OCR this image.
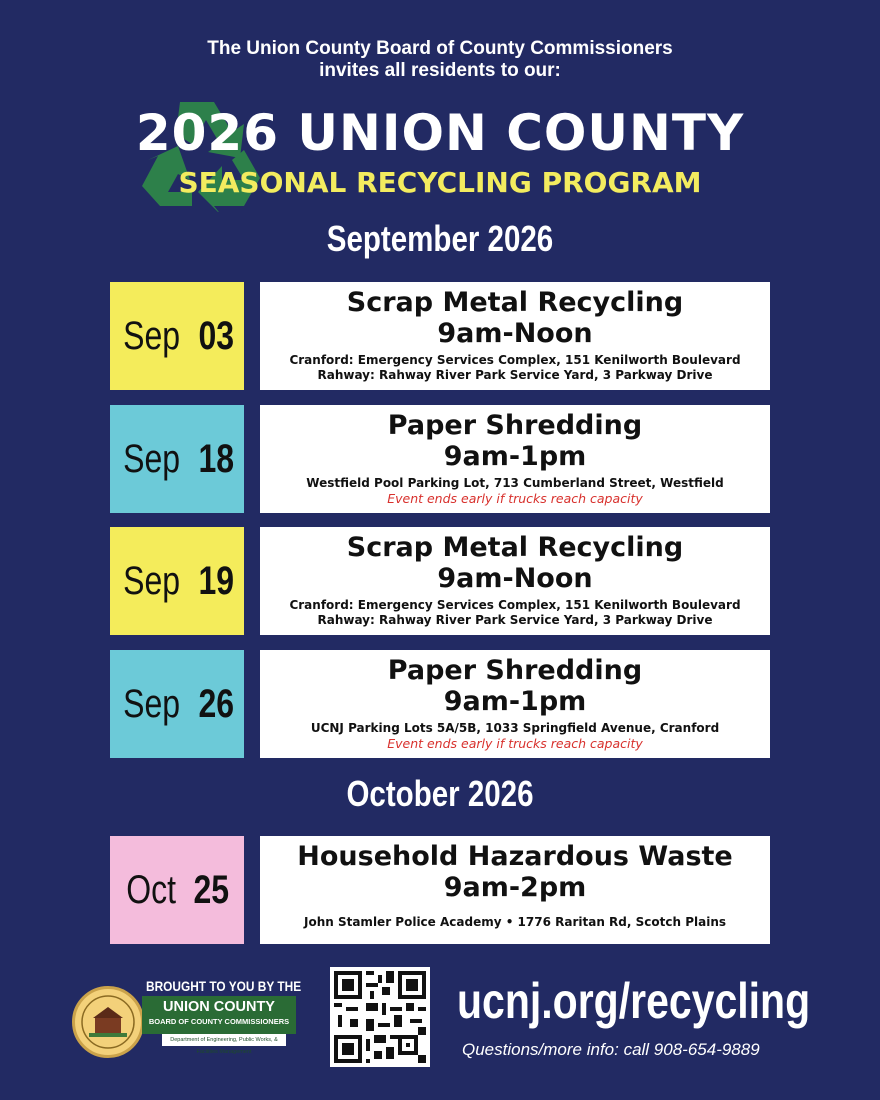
The Union County Board of County Commissioners
invites all residents to our:
2026 UNION COUNTY
SEASONAL RECYCLING PROGRAM
September 2026
Sep
03
Scrap Metal Recycling
9am-Noon
Cranford: Emergency Services Complex, 151 Kenilworth Boulevard
Rahway: Rahway River Park Service Yard, 3 Parkway Drive
Sep
18
Paper Shredding
9am-1pm
Westfield Pool Parking Lot, 713 Cumberland Street, Westfield
Event ends early if trucks reach capacity
Sep
19
Scrap Metal Recycling
9am-Noon
Cranford: Emergency Services Complex, 151 Kenilworth Boulevard
Rahway: Rahway River Park Service Yard, 3 Parkway Drive
Sep
26
Paper Shredding
9am-1pm
UCNJ Parking Lots 5A/5B, 1033 Springfield Avenue, Cranford
Event ends early if trucks reach capacity
October 2026
Oct
25
Household Hazardous Waste
9am-2pm
John Stamler Police Academy • 1776 Raritan Rd, Scotch Plains
BROUGHT TO YOU BY THE
UNION COUNTY
BOARD OF COUNTY COMMISSIONERS
Department of Engineering, Public Works, & Facilities Management
ucnj.org/recycling
Questions/more info: call 908-654-9889
